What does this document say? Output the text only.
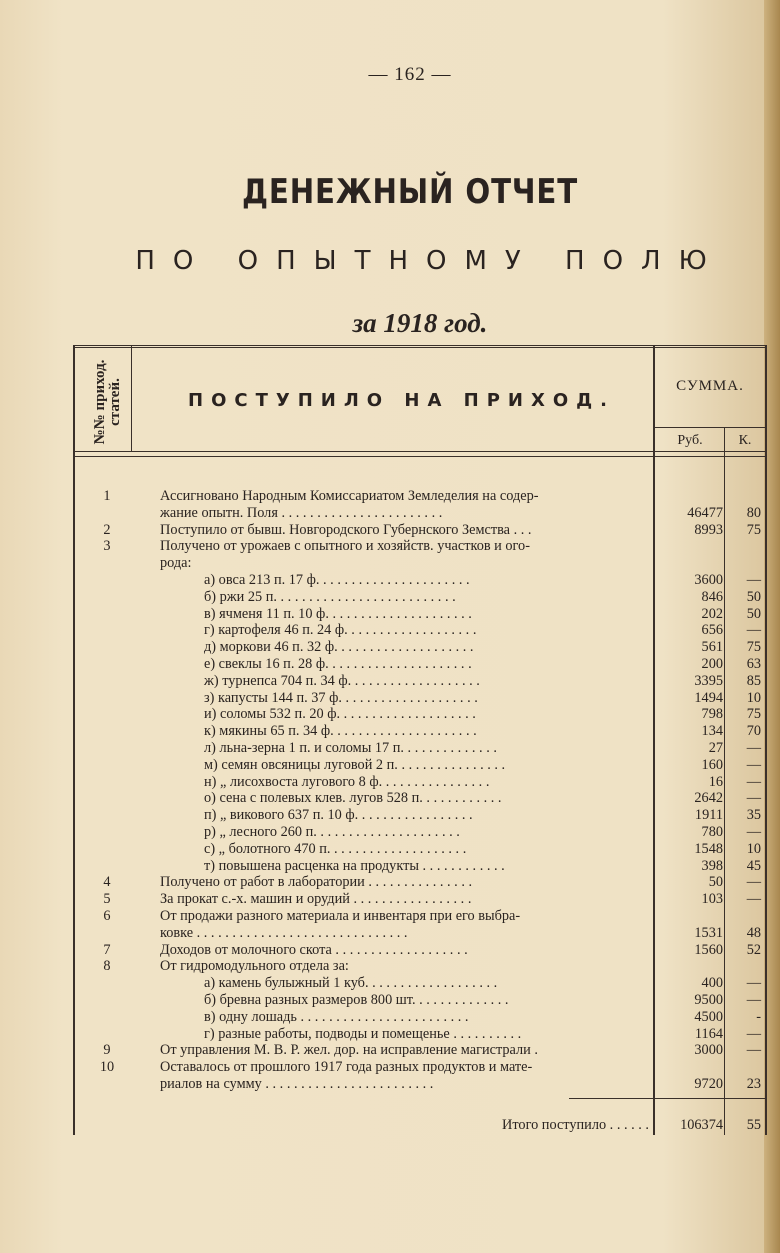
— 162 —
ДЕНЕЖНЫЙ ОТЧЕТ
ПО ОПЫТНОМУ ПОЛЮ
за 1918 год.
№№ приход.
статей.	ПОСТУПИЛО НА ПРИХОД.
СУММА.
Руб.	К.
1	Ассигновано Народным Комиссариатом Земледелия на содер-
жание опытн. Поля . . . . . . . . . . . . . . . . . . . . . . .	46477	80
2	Поступило от бывш. Новгородского Губернского Земства . . .	8993	75
3	Получено от урожаев с опытного и хозяйств. участков и ого-
рода:
а) овса 213 п. 17 ф. . . . . . . . . . . . . . . . . . . . . .	3600	—
б) ржи 25 п. . . . . . . . . . . . . . . . . . . . . . . . . .	846	50
в) ячменя 11 п. 10 ф. . . . . . . . . . . . . . . . . . . . .	202	50
г) картофеля 46 п. 24 ф. . . . . . . . . . . . . . . . . . .	656	—
д) моркови 46 п. 32 ф. . . . . . . . . . . . . . . . . . . .	561	75
е) свеклы 16 п. 28 ф. . . . . . . . . . . . . . . . . . . . .	200	63
ж) турнепса 704 п. 34 ф. . . . . . . . . . . . . . . . . . .	3395	85
з) капусты 144 п. 37 ф. . . . . . . . . . . . . . . . . . . .	1494	10
и) соломы 532 п. 20 ф. . . . . . . . . . . . . . . . . . . .	798	75
к) мякины 65 п. 34 ф. . . . . . . . . . . . . . . . . . . . .	134	70
л) льна-зерна 1 п. и соломы 17 п. . . . . . . . . . . . . .	27	—
м) семян овсяницы луговой 2 п. . . . . . . . . . . . . . . .	160	—
н) „ лисохвостa лугового 8 ф. . . . . . . . . . . . . . . .	16	—
о) сена с полевых клев. лугов 528 п. . . . . . . . . . . .	2642	—
п) „ викового 637 п. 10 ф. . . . . . . . . . . . . . . . .	1911	35
р) „ лесного 260 п. . . . . . . . . . . . . . . . . . . . .	780	—
с) „ болотного 470 п. . . . . . . . . . . . . . . . . . . .	1548	10
т) повышена расценка на продукты . . . . . . . . . . . .	398	45
4	Получено от работ в лаборатории . . . . . . . . . . . . . . .	50	—
5	За прокат с.-х. машин и орудий . . . . . . . . . . . . . . . . .	103	—
6	От продажи разного материала и инвентаря при его выбра-
ковке . . . . . . . . . . . . . . . . . . . . . . . . . . . . . .	1531	48
7	Доходов от молочного скота . . . . . . . . . . . . . . . . . . .	1560	52
8	От гидромодульного отдела за:
а) камень булыжный 1 куб. . . . . . . . . . . . . . . . . . .	400	—
б) бревна разных размеров 800 шт. . . . . . . . . . . . . .	9500	—
в) одну лошадь . . . . . . . . . . . . . . . . . . . . . . . .	4500	-
г) разные работы, подводы и помещенье . . . . . . . . . .	1164	—
9	От управления М. В. Р. жел. дор. на исправление магистрали .	3000	—
10	Оставалось от прошлого 1917 года разных продуктов и мате-
риалов на сумму . . . . . . . . . . . . . . . . . . . . . . . .	9720	23
Итого поступило . . . . . .	106374	55
